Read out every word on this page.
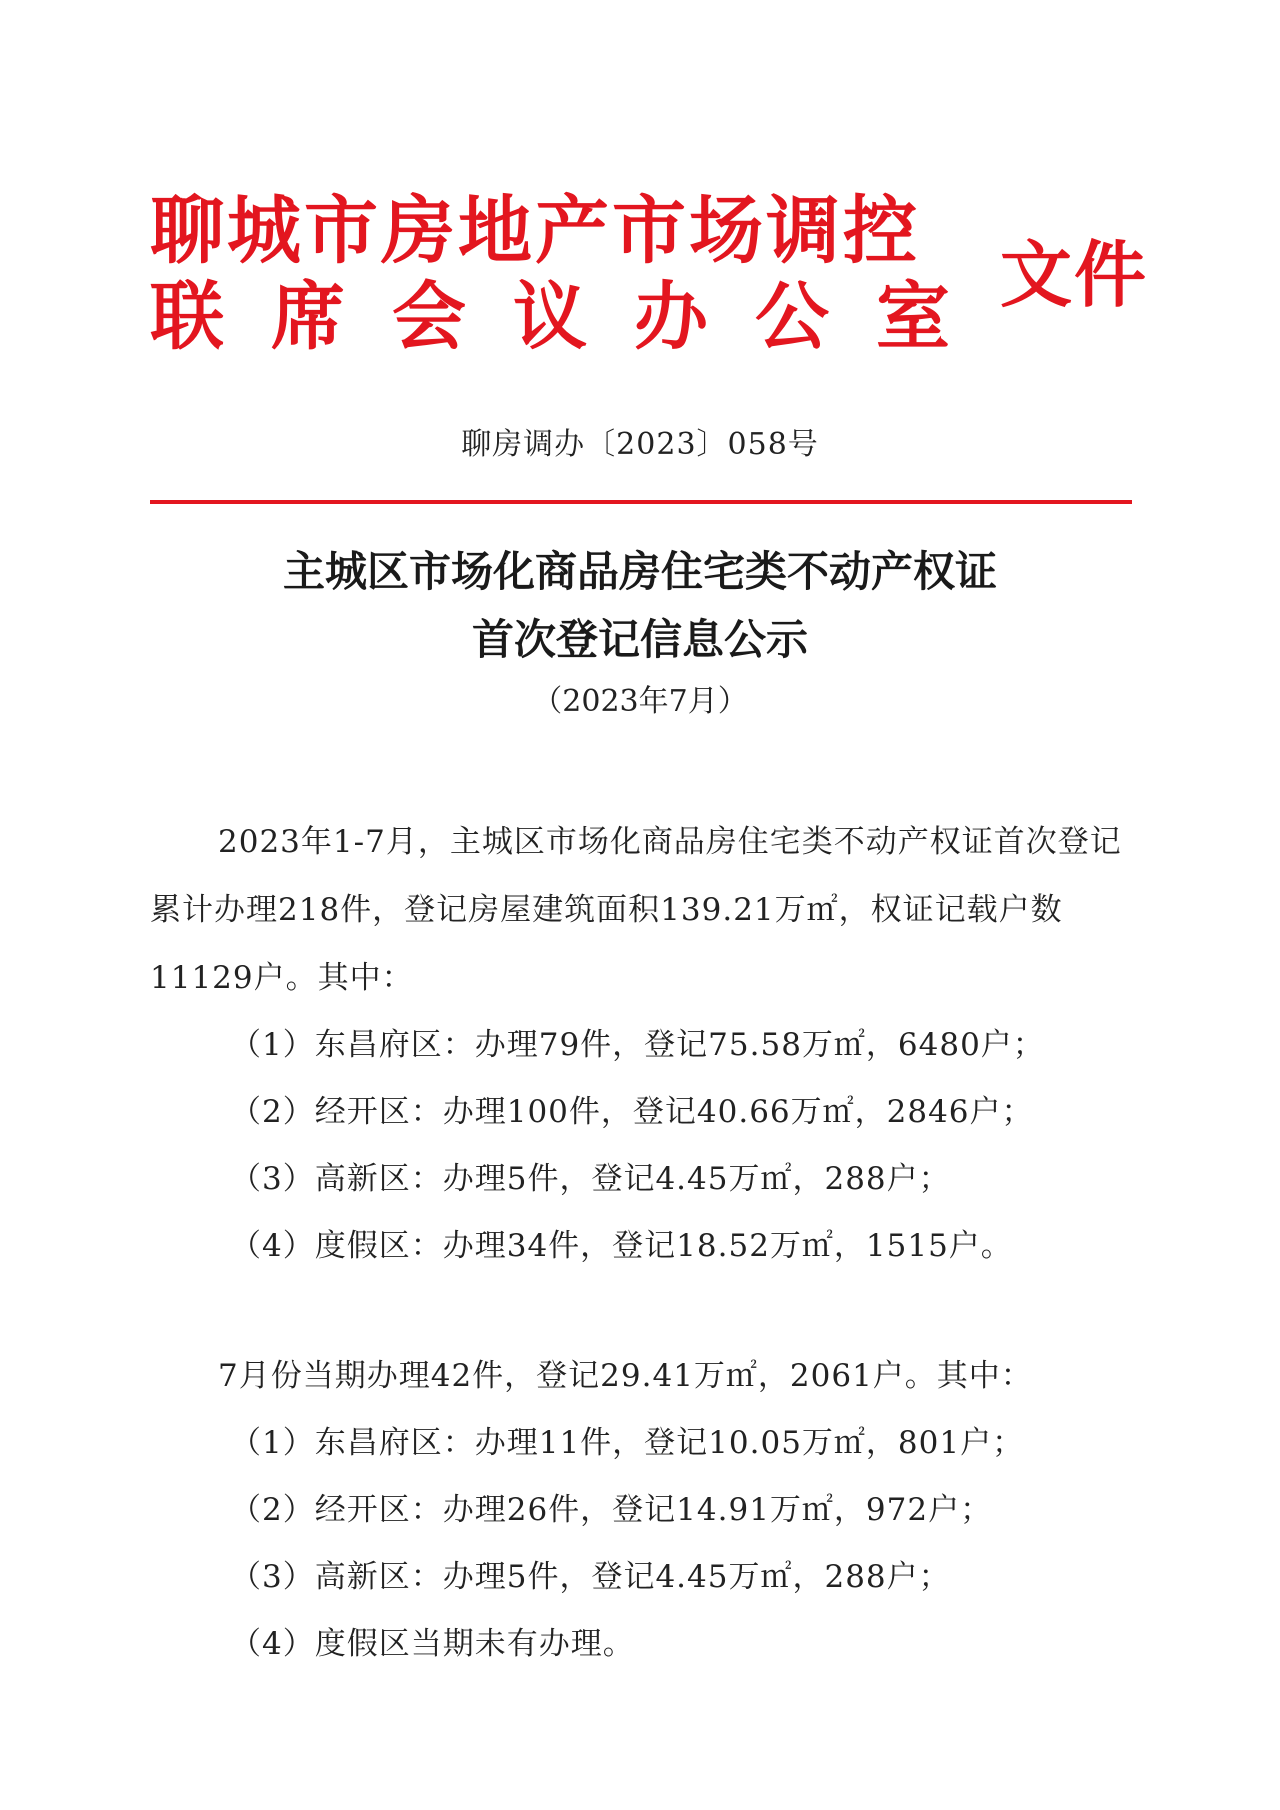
聊城市房地产市场调控
联席会议办公室 文件
聊房调办〔2023〕058号
主城区市场化商品房住宅类不动产权证
首次登记信息公示
（2023年7月）

2023年1-7月，主城区市场化商品房住宅类不动产权证首次登记累计办理218件，登记房屋建筑面积139.21万㎡，权证记载户数11129户。其中：

（1）东昌府区：办理79件，登记75.58万㎡，6480户；

（2）经开区：办理100件，登记40.66万㎡，2846户；

（3）高新区：办理5件，登记4.45万㎡，288户；

（4）度假区：办理34件，登记18.52万㎡，1515户。

7月份当期办理42件，登记29.41万㎡，2061户。其中：

（1）东昌府区：办理11件，登记10.05万㎡，801户；

（2）经开区：办理26件，登记14.91万㎡，972户；

（3）高新区：办理5件，登记4.45万㎡，288户；

（4）度假区当期未有办理。
